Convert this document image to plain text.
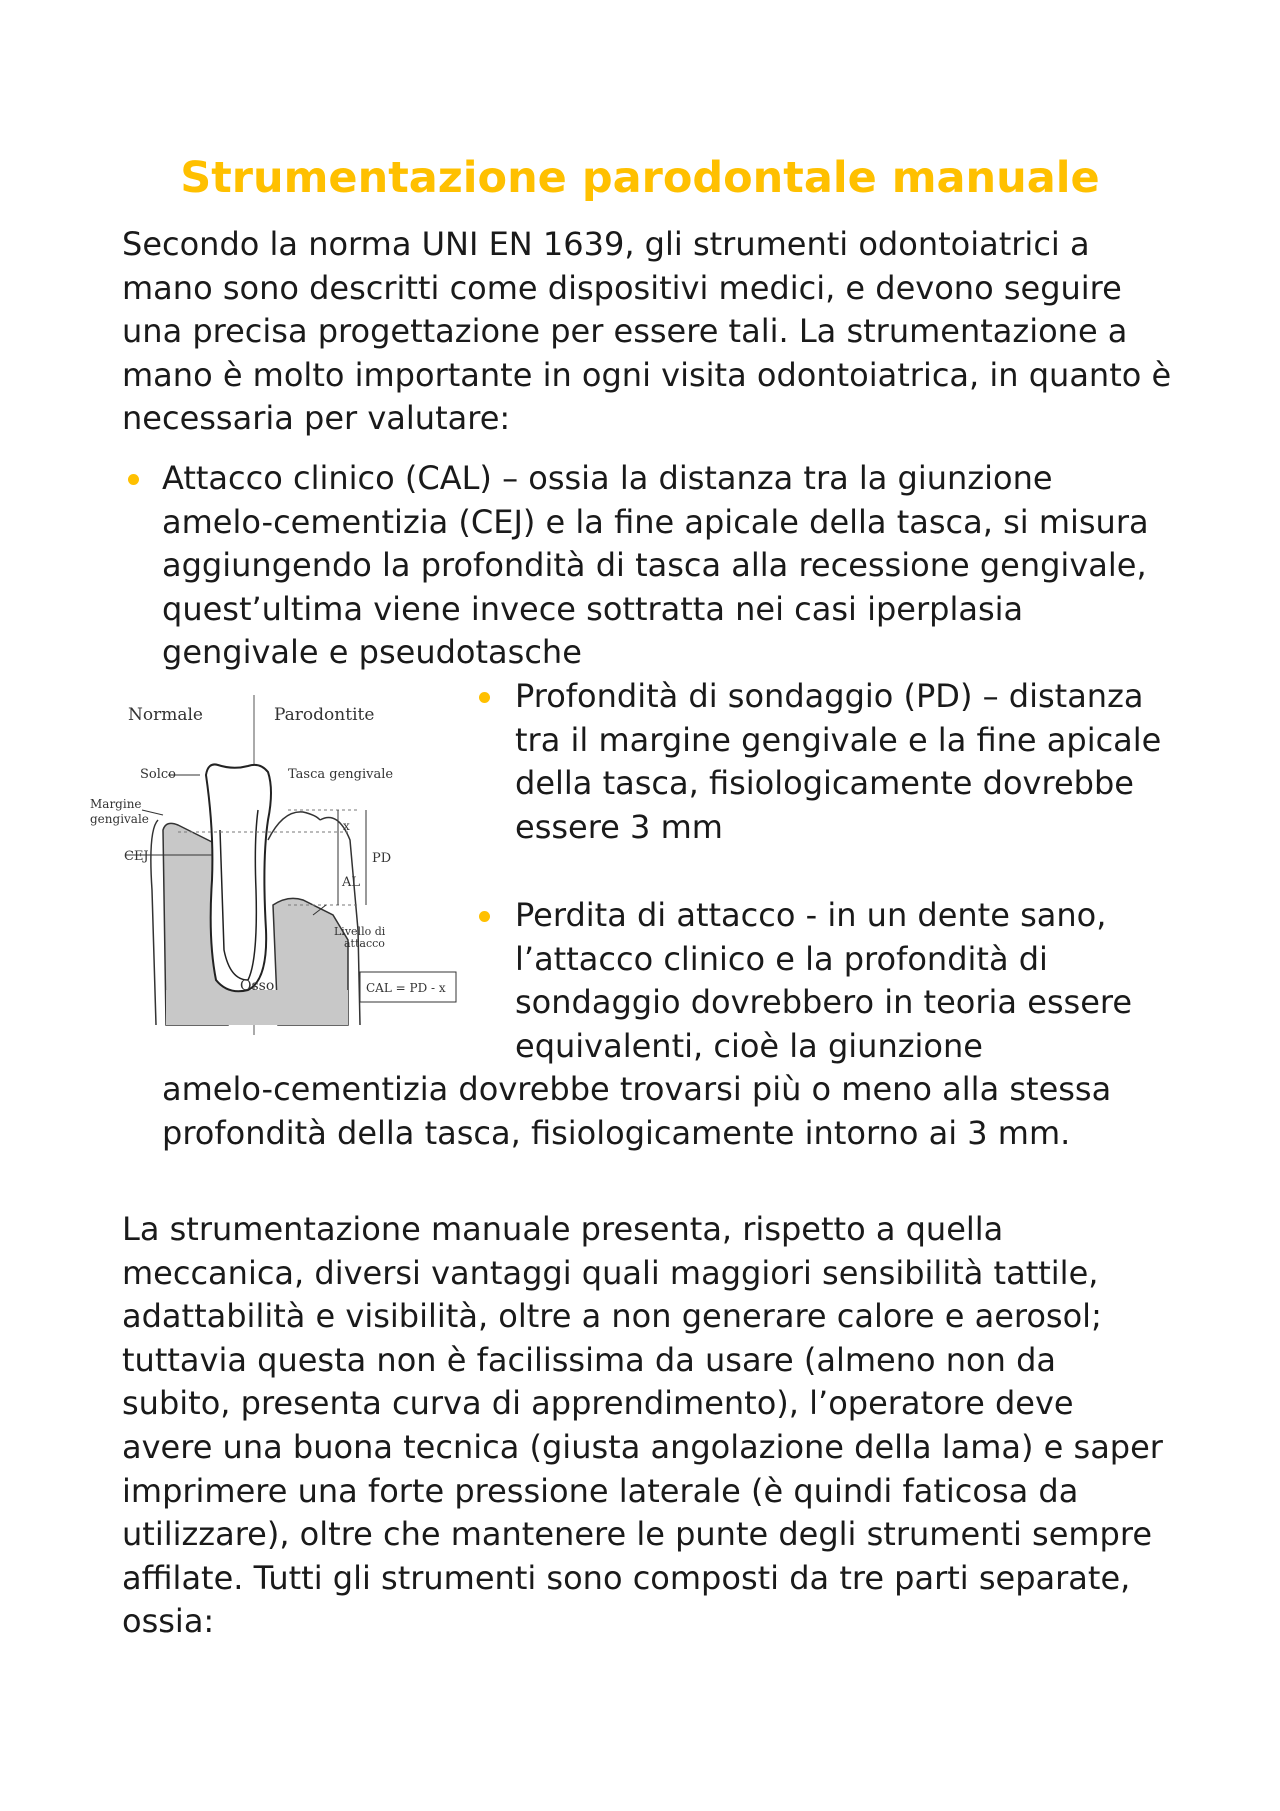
Strumentazione parodontale manuale

Secondo la norma UNI EN 1639, gli strumenti odontoiatrici a mano sono descritti come dispositivi medici, e devono seguire una precisa progettazione per essere tali. La strumentazione a mano è molto importante in ogni visita odontoiatrica, in quanto è necessaria per valutare:

Attacco clinico (CAL) – ossia la distanza tra la giunzione amelo-cementizia (CEJ) e la fine apicale della tasca, si misura aggiungendo la profondità di tasca alla recessione gengivale, quest’ultima viene invece sottratta nei casi iperplasia gengivale e pseudotasche

Normale	Parodontite
Solco	Tasca gengivale
Margine
gengivale
CEJ
x
PD
AL
Livello di
attacco
Osso	CAL = PD - x

Profondità di sondaggio (PD) – distanza tra il margine gengivale e la fine apicale della tasca, fisiologicamente dovrebbe essere 3 mm

Perdita di attacco - in un dente sano, l’attacco clinico e la profondità di sondaggio dovrebbero in teoria essere equivalenti, cioè la giunzione

amelo-cementizia dovrebbe trovarsi più o meno alla stessa profondità della tasca, fisiologicamente intorno ai 3 mm.

La strumentazione manuale presenta, rispetto a quella meccanica, diversi vantaggi quali maggiori sensibilità tattile, adattabilità e visibilità, oltre a non generare calore e aerosol; tuttavia questa non è facilissima da usare (almeno non da subito, presenta curva di apprendimento), l’operatore deve avere una buona tecnica (giusta angolazione della lama) e saper imprimere una forte pressione laterale (è quindi faticosa da utilizzare), oltre che mantenere le punte degli strumenti sempre affilate. Tutti gli strumenti sono composti da tre parti separate, ossia:
